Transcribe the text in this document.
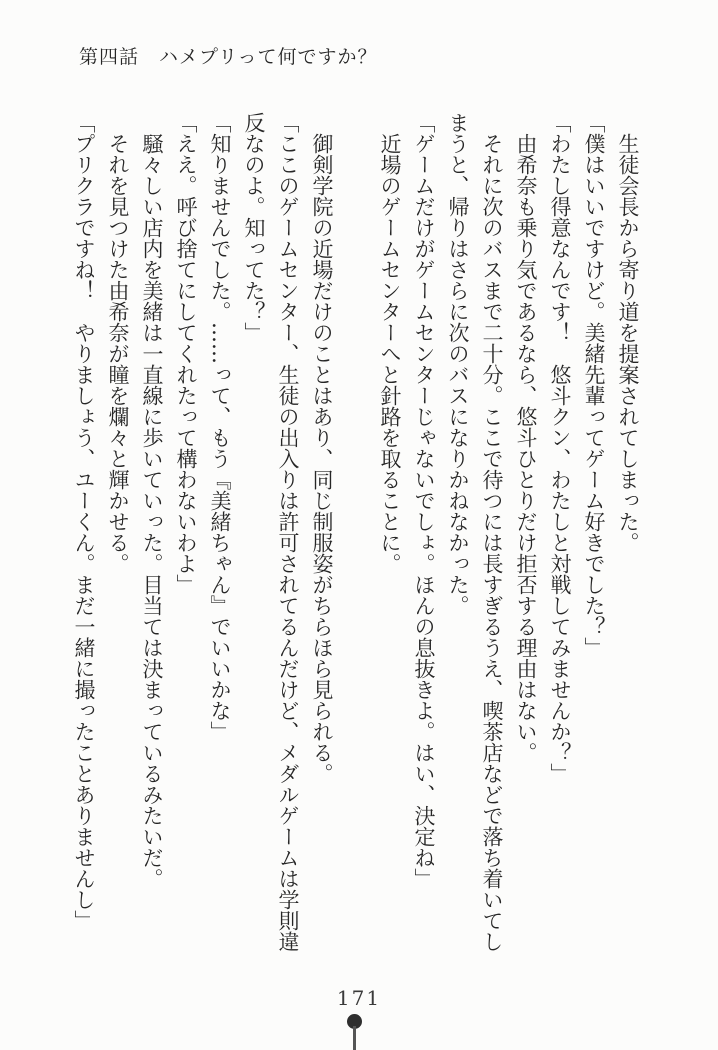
第四話　ハメプリって何ですか？

生徒会長から寄り道を提案されてしまった。

「僕はいいですけど。美緒先輩ってゲーム好きでした？」

「わたし得意なんです！　悠斗クン、わたしと対戦してみませんか？」

由希奈も乗り気であるなら、悠斗ひとりだけ拒否する理由はない。

それに次のバスまで二十分。ここで待つには長すぎるうえ、喫茶店などで落ち着いてしまうと、帰りはさらに次のバスになりかねなかった。

「ゲームだけがゲームセンターじゃないでしょ。ほんの息抜きよ。はい、決定ね」

近場のゲームセンターへと針路を取ることに。

御剣学院の近場だけのことはあり、同じ制服姿がちらほら見られる。

「ここのゲームセンター、生徒の出入りは許可されてるんだけど、メダルゲームは学則違反なのよ。知ってた？」

「知りませんでした。……って、もう『美緒ちゃん』でいいかな」

「ええ。呼び捨てにしてくれたって構わないわよ」

騒々しい店内を美緒は一直線に歩いていった。目当ては決まっているみたいだ。

それを見つけた由希奈が瞳を爛々と輝かせる。

「プリクラですね！　やりましょう、ユーくん。まだ一緒に撮ったことありませんし」

171
